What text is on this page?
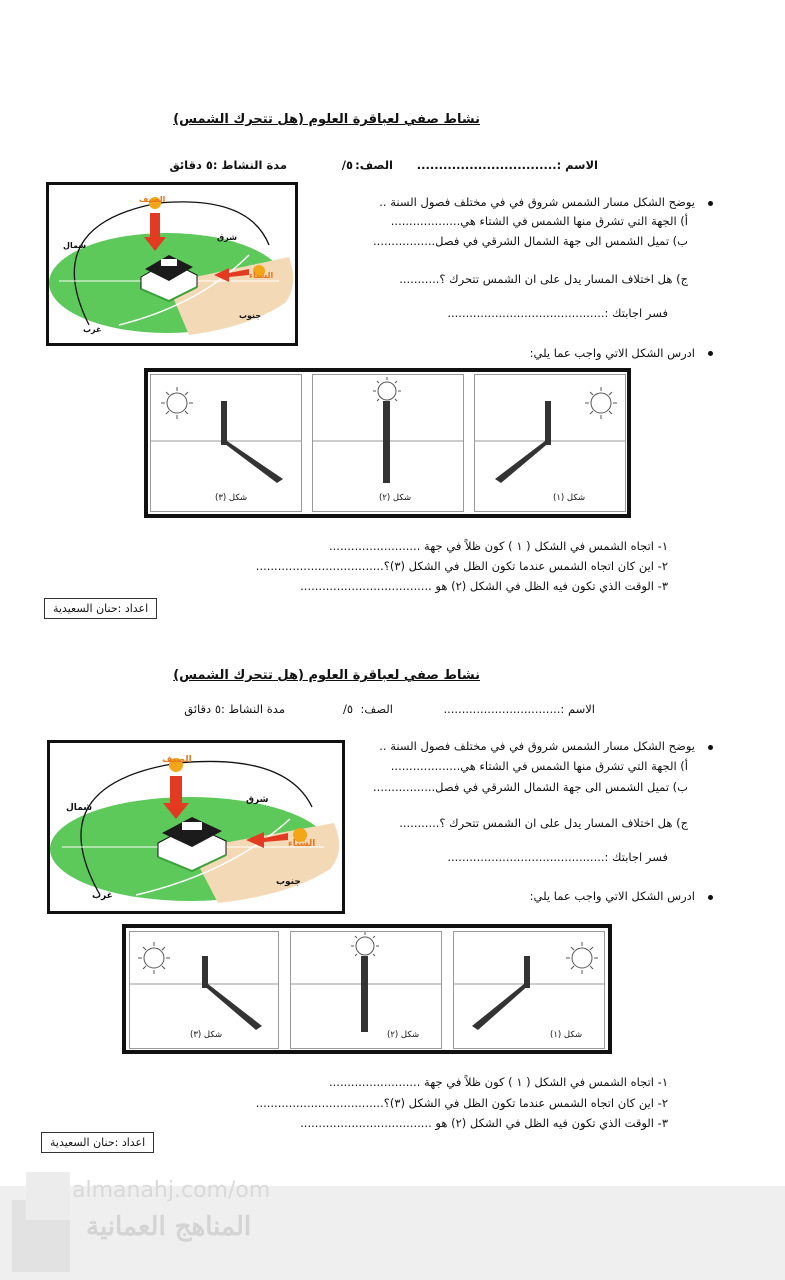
نشاط صفي لعباقرة العلوم (هل تتحرك الشمس)
الاسم :................................
الصف:
٥/
مدة النشاط :٥ دقائق
الصيف
الشتاء
شمال
شرق
جنوب
غرب
يوضح الشكل مسار الشمس شروق في في مختلف فصول السنة ..
أ) الجهة التي تشرق منها الشمس في الشتاء هي...................
ب) تميل الشمس الى جهة الشمال الشرقي في فصل.................
ج) هل اختلاف المسار يدل على ان الشمس تتحرك ؟...........
فسر اجابتك :...........................................
ادرس الشكل الاتي واجب عما يلي:
شكل (٣)	شكل (٢)	شكل (١)
١- اتجاه الشمس في الشكل ( ١ ) كون ظلاً في جهة .........................
٢- اين كان اتجاه الشمس عندما تكون الظل في الشكل (٣)؟...................................
٣- الوقت الذي تكون فيه الظل في الشكل (٢) هو ....................................
اعداد :حنان السعيدية
نشاط صفي لعباقرة العلوم (هل تتحرك الشمس)
الاسم :................................
الصف:
٥/
مدة النشاط :٥ دقائق
الصيف
الشتاء
شمال
شرق
جنوب
غرب
يوضح الشكل مسار الشمس شروق في في مختلف فصول السنة ..
أ) الجهة التي تشرق منها الشمس في الشتاء هي...................
ب) تميل الشمس الى جهة الشمال الشرقي في فصل.................
ج) هل اختلاف المسار يدل على ان الشمس تتحرك ؟...........
فسر اجابتك :...........................................
ادرس الشكل الاتي واجب عما يلي:
شكل (٣)	شكل (٢)	شكل (١)
١- اتجاه الشمس في الشكل ( ١ ) كون ظلاً في جهة .........................
٢- اين كان اتجاه الشمس عندما تكون الظل في الشكل (٣)؟...................................
٣- الوقت الذي تكون فيه الظل في الشكل (٢) هو ....................................
اعداد :حنان السعيدية
almanahj.com/om
المناهج العمانية
